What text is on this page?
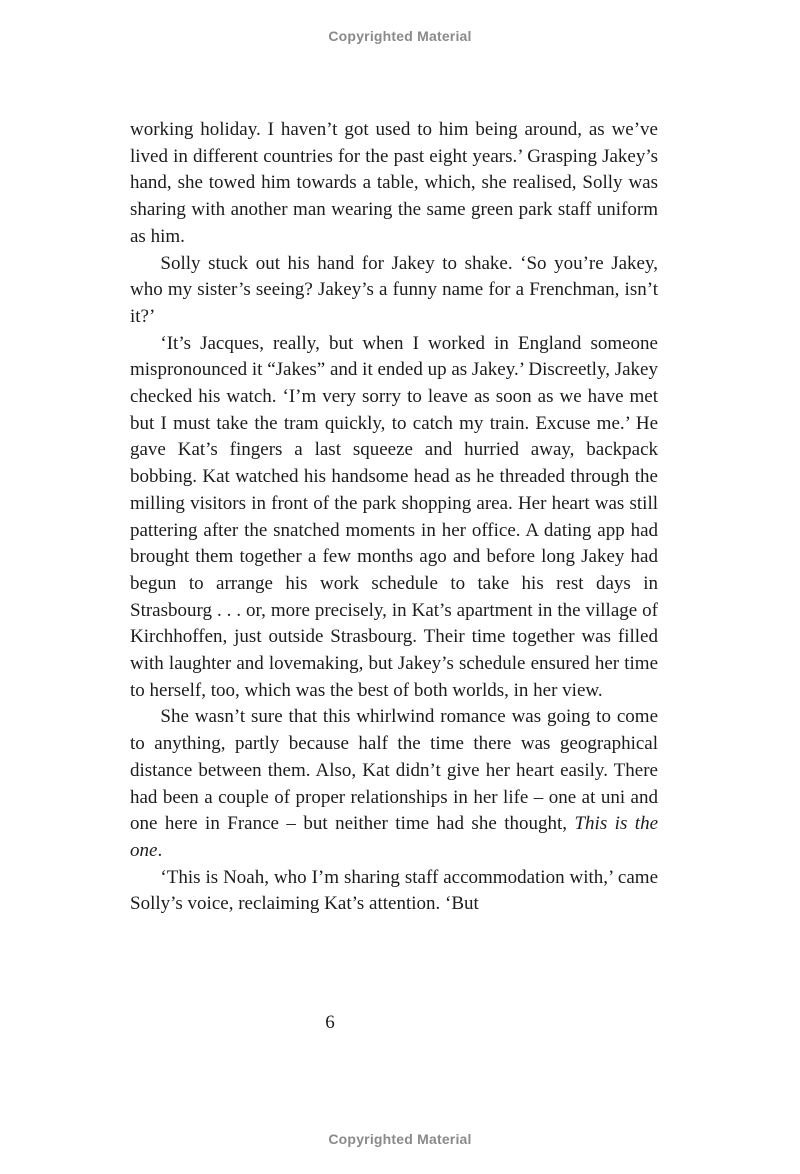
Copyrighted Material

working holiday. I haven’t got used to him being around, as we’ve lived in different countries for the past eight years.’ Grasping Jakey’s hand, she towed him towards a table, which, she realised, Solly was sharing with another man wearing the same green park staff uniform as him.

Solly stuck out his hand for Jakey to shake. ‘So you’re Jakey, who my sister’s seeing? Jakey’s a funny name for a Frenchman, isn’t it?’

‘It’s Jacques, really, but when I worked in England someone mispronounced it “Jakes” and it ended up as Jakey.’ Discreetly, Jakey checked his watch. ‘I’m very sorry to leave as soon as we have met but I must take the tram quickly, to catch my train. Excuse me.’ He gave Kat’s fingers a last squeeze and hurried away, backpack bobbing. Kat watched his handsome head as he threaded through the milling visitors in front of the park shopping area. Her heart was still pattering after the snatched moments in her office. A dating app had brought them together a few months ago and before long Jakey had begun to arrange his work schedule to take his rest days in Strasbourg . . . or, more precisely, in Kat’s apartment in the village of Kirchhoffen, just outside Strasbourg. Their time together was filled with laughter and lovemaking, but Jakey’s schedule ensured her time to herself, too, which was the best of both worlds, in her view.

She wasn’t sure that this whirlwind romance was going to come to anything, partly because half the time there was geographical distance between them. Also, Kat didn’t give her heart easily. There had been a couple of proper relationships in her life – one at uni and one here in France – but neither time had she thought, This is the one.

‘This is Noah, who I’m sharing staff accommodation with,’ came Solly’s voice, reclaiming Kat’s attention. ‘But

6
Copyrighted Material
